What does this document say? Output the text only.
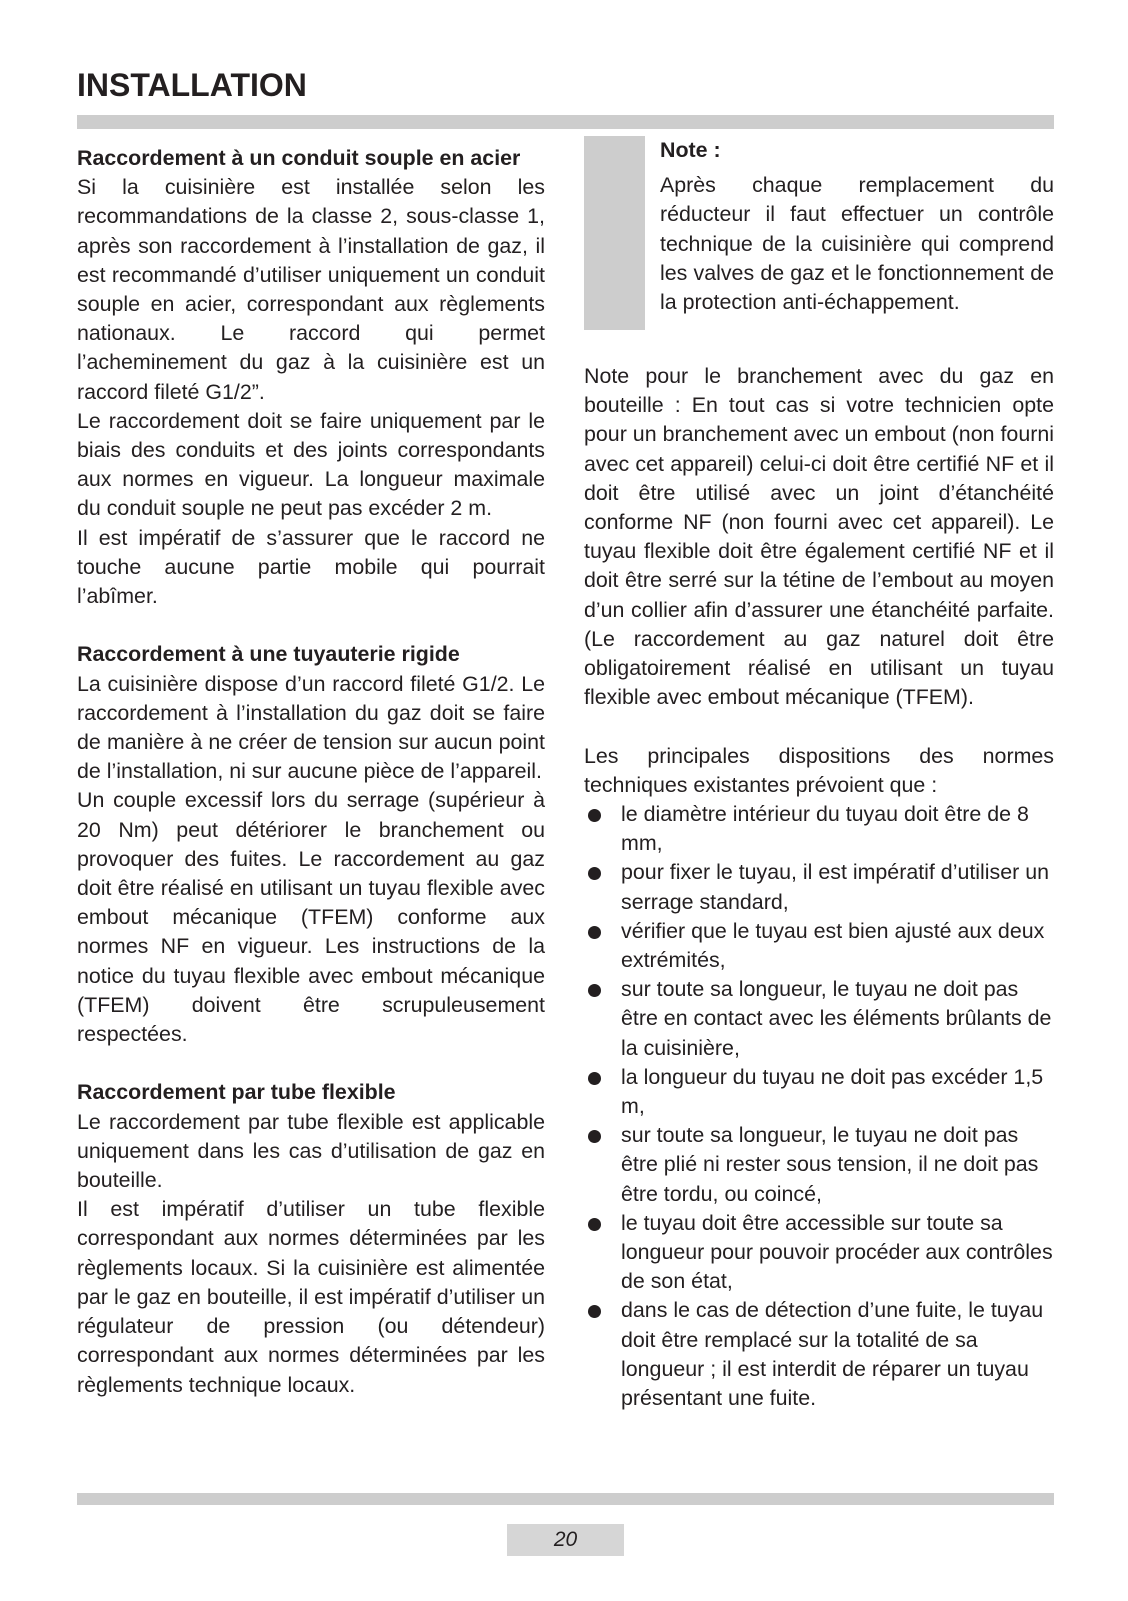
INSTALLATION

Raccordement à un conduit souple en acier

Si la cuisinière est installée selon les recommandations de la classe 2, sous-classe 1, après son raccordement à l’installation de gaz, il est recommandé d’utiliser uniquement un conduit souple en acier, correspondant aux règlements nationaux. Le raccord qui permet l’acheminement du gaz à la cuisinière est un raccord fileté G1/2”.

Le raccordement doit se faire uniquement par le biais des conduits et des joints correspondants aux normes en vigueur. La longueur maximale du conduit souple ne peut pas excéder 2 m.

Il est impératif de s’assurer que le raccord ne touche aucune partie mobile qui pourrait l’abîmer.

Raccordement à une tuyauterie rigide

La cuisinière dispose d’un raccord fileté G1/2. Le raccordement à l’installation du gaz doit se faire de manière à ne créer de tension sur aucun point de l’installation, ni sur aucune pièce de l’appareil.

Un couple excessif lors du serrage (supérieur à 20 Nm) peut détériorer le branchement ou provoquer des fuites. Le raccordement au gaz doit être réalisé en utilisant un tuyau flexible avec embout mécanique (TFEM) conforme aux normes NF en vigueur. Les instructions de la notice du tuyau flexible avec embout mécanique (TFEM) doivent être scrupuleusement respectées.

Raccordement par tube flexible

Le raccordement par tube flexible est applicable uniquement dans les cas d’utilisation de gaz en bouteille.

Il est impératif d’utiliser un tube flexible correspondant aux normes déterminées par les règlements locaux. Si la cuisinière est alimentée par le gaz en bouteille, il est impératif d’utiliser un régulateur de pression (ou détendeur) correspondant aux normes déterminées par les règlements technique locaux.

Note :

Après chaque remplacement du réducteur il faut effectuer un contrôle technique de la cuisinière qui comprend les valves de gaz et le fonctionnement de la protection anti-échappement.

Note pour le branchement avec du gaz en bouteille : En tout cas si votre technicien opte pour un branchement avec un embout (non fourni avec cet appareil) celui-ci doit être certifié NF et il doit être utilisé avec un joint d’étanchéité conforme NF (non fourni avec cet appareil). Le tuyau flexible doit être également certifié NF et il doit être serré sur la tétine de l’embout au moyen d’un collier afin d’assurer une étanchéité parfaite. (Le raccordement au gaz naturel doit être obligatoirement réalisé en utilisant un tuyau flexible avec embout mécanique (TFEM).

Les principales dispositions des normes techniques existantes prévoient que :

le diamètre intérieur du tuyau doit être de 8 mm,
pour fixer le tuyau, il est impératif d’utiliser un serrage standard,
vérifier que le tuyau est bien ajusté aux deux extrémités,
sur toute sa longueur, le tuyau ne doit pas être en contact avec les éléments brûlants de la cuisinière,
la longueur du tuyau ne doit pas excéder 1,5 m,
sur toute sa longueur, le tuyau ne doit pas être plié ni rester sous tension, il ne doit pas être tordu, ou coincé,
le tuyau doit être accessible sur toute sa longueur pour pouvoir procéder aux contrôles de son état,
dans le cas de détection d’une fuite, le tuyau doit être remplacé sur la totalité de sa longueur ; il est interdit de réparer un tuyau présentant une fuite.
20
